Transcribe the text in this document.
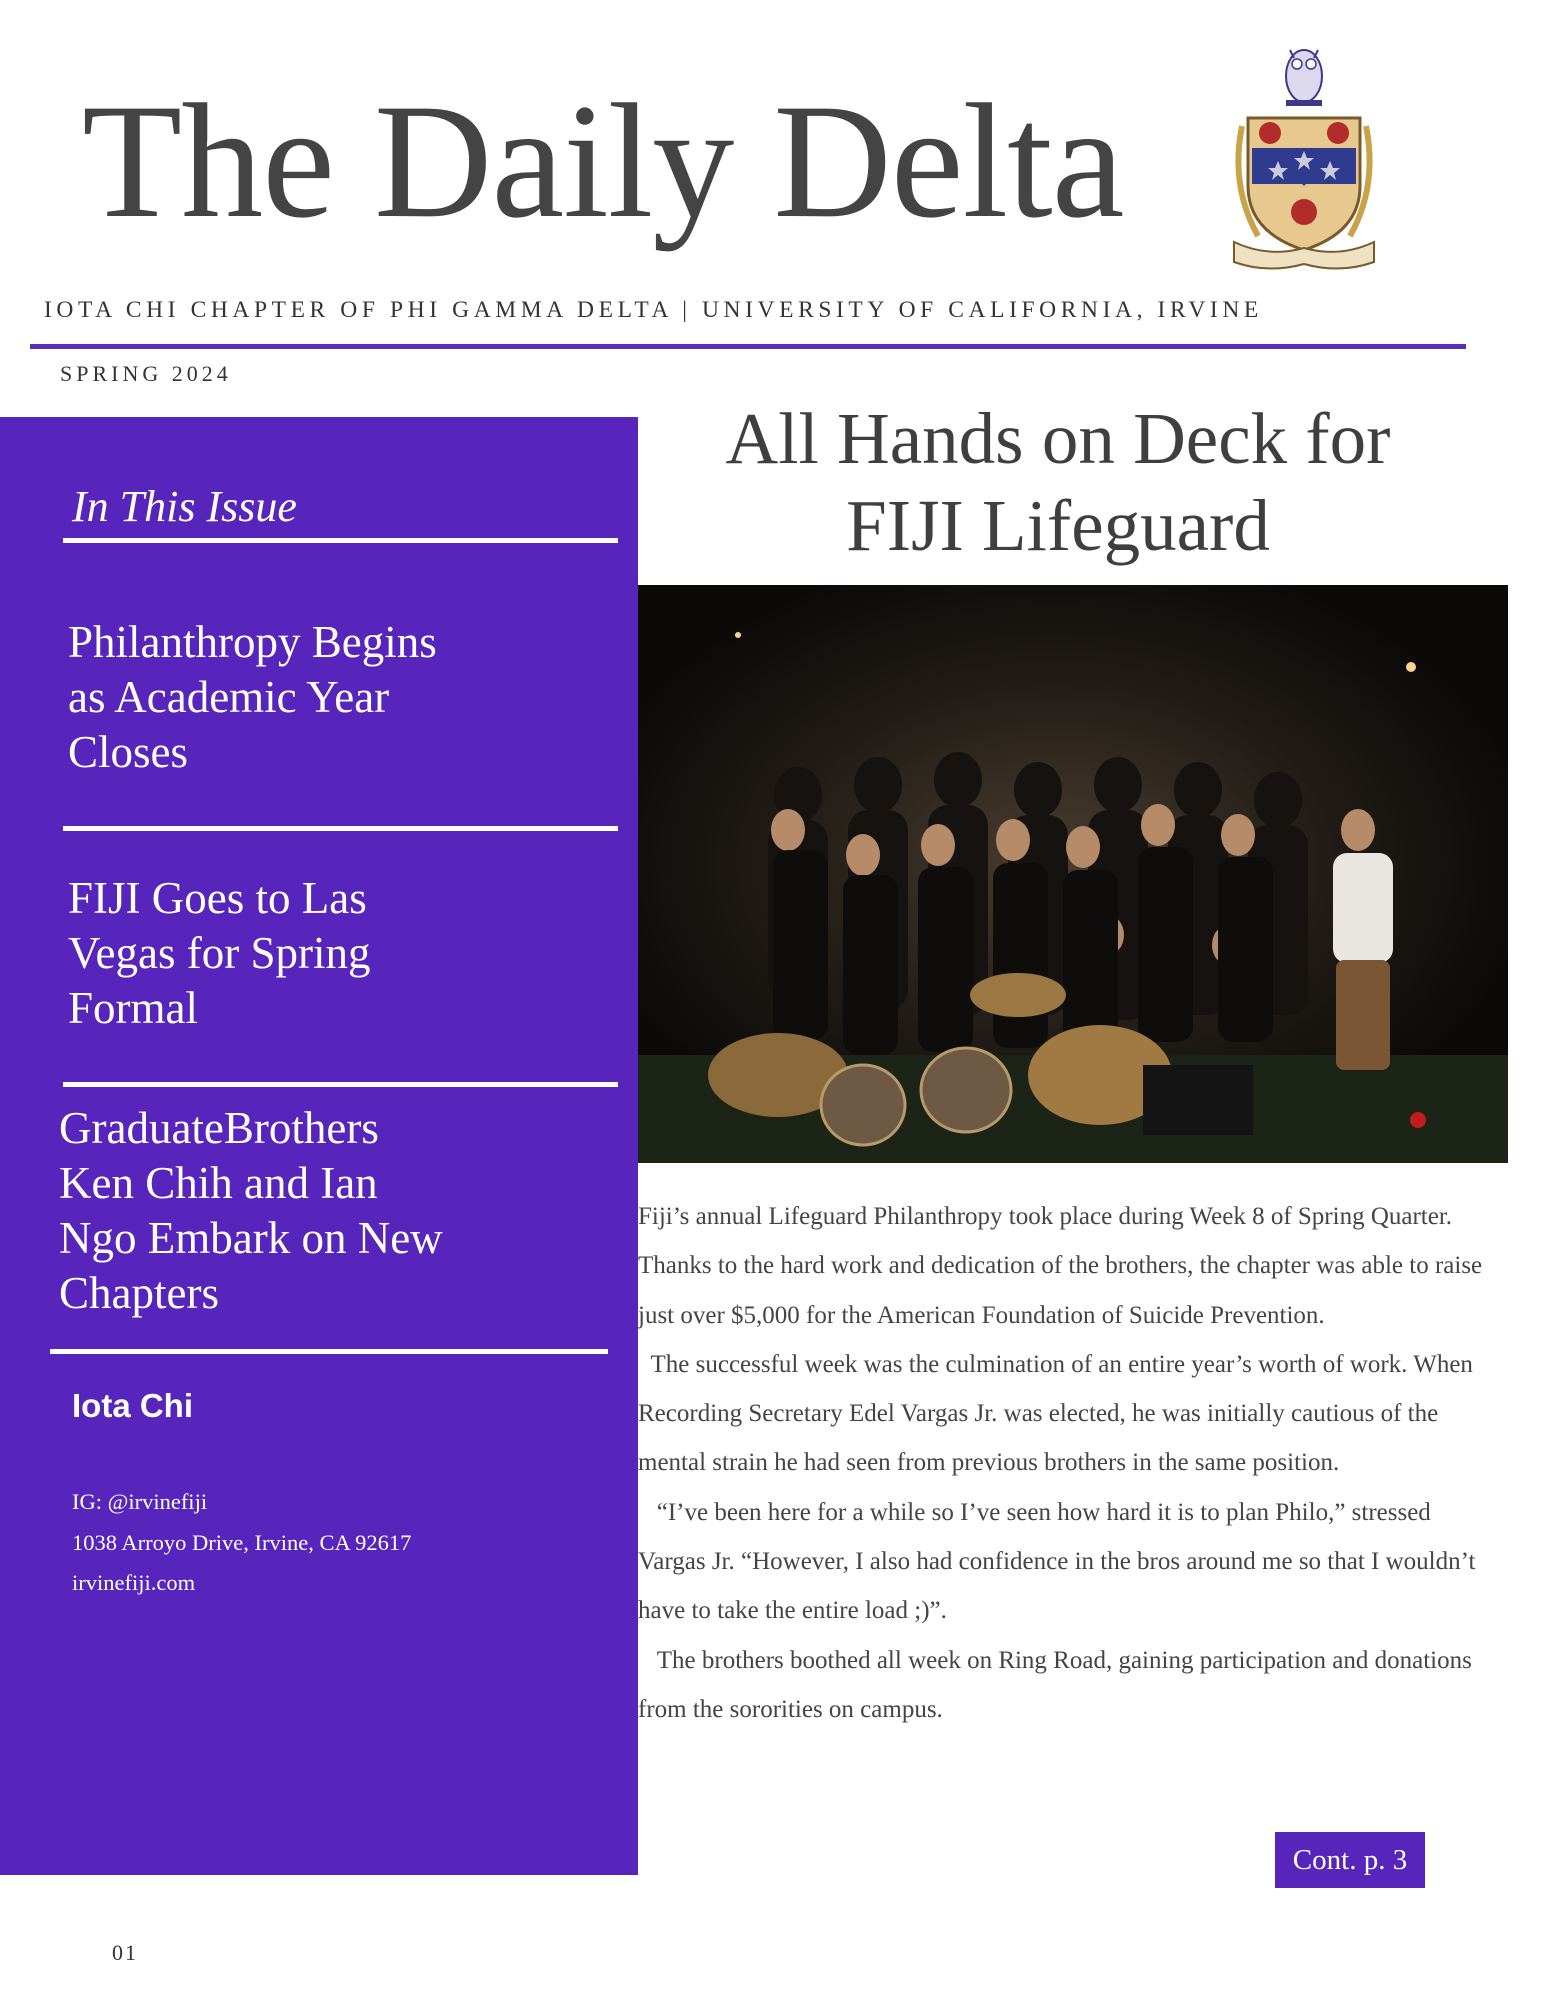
The Daily Delta
IOTA CHI CHAPTER OF PHI GAMMA DELTA | UNIVERSITY OF CALIFORNIA, IRVINE
SPRING 2024
In This Issue
Philanthropy Begins
as Academic Year
Closes
FIJI Goes to Las
Vegas for Spring
Formal
GraduateBrothers
Ken Chih and Ian
Ngo Embark on New
Chapters
Iota Chi
IG: @irvinefiji
1038 Arroyo Drive, Irvine, CA 92617
irvinefiji.com
All Hands on Deck for
FIJI Lifeguard

Fiji’s annual Lifeguard Philanthropy took place during Week 8 of Spring Quarter. Thanks to the hard work and dedication of the brothers, the chapter was able to raise just over $5,000 for the American Foundation of Suicide Prevention.

The successful week was the culmination of an entire year’s worth of work. When Recording Secretary Edel Vargas Jr. was elected, he was initially cautious of the mental strain he had seen from previous brothers in the same position.

“I’ve been here for a while so I’ve seen how hard it is to plan Philo,” stressed Vargas Jr. “However, I also had confidence in the bros around me so that I wouldn’t have to take the entire load ;)”.

The brothers boothed all week on Ring Road, gaining participation and donations from the sororities on campus.

Cont. p. 3
01
